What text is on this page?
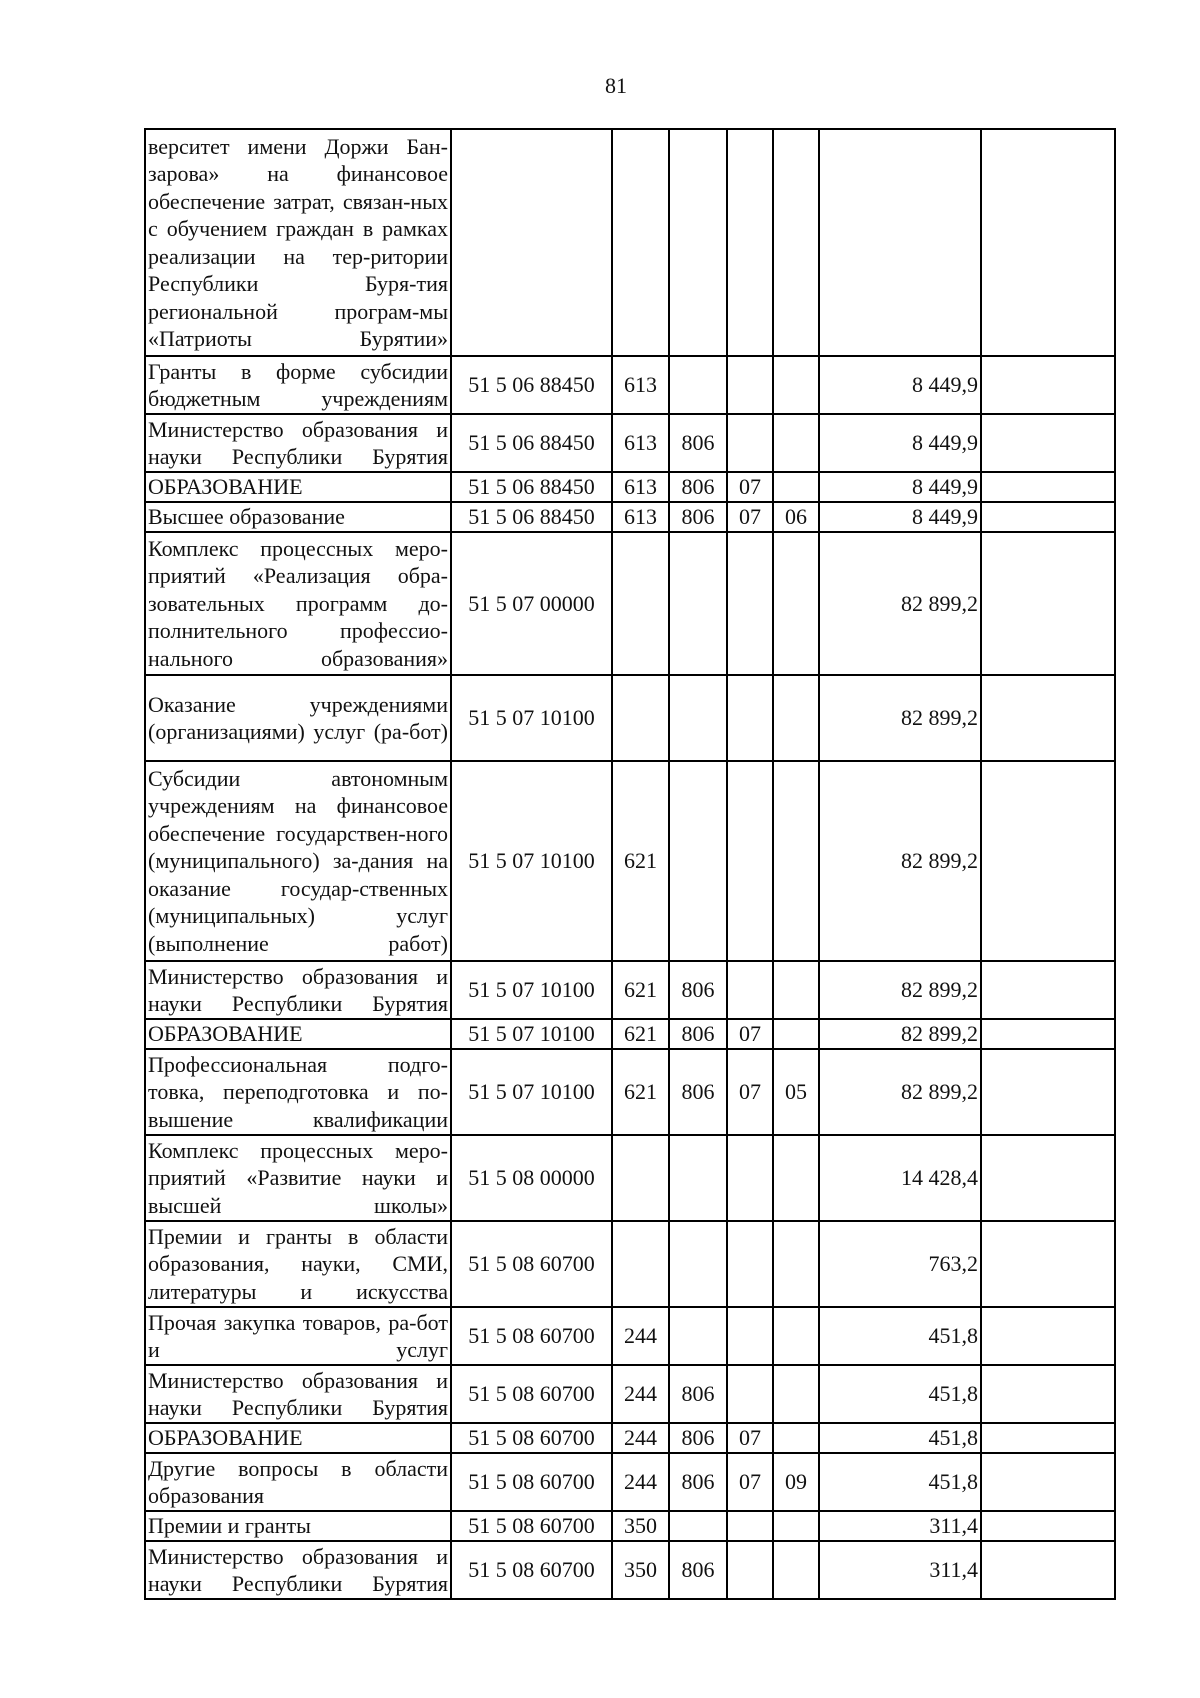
81
верситет имени Доржи Бан-зарова» на финансовое обеспечение затрат, связан-ных с обучением граждан в рамках реализации на тер-ритории Республики Буря-тия региональной програм-мы «Патриоты Бурятии»							
Гранты в форме субсидии бюджетным учреждениям	51 5 06 88450	613				8 449,9	
Министерство образования и науки Республики Бурятия	51 5 06 88450	613	806			8 449,9	
ОБРАЗОВАНИЕ	51 5 06 88450	613	806	07		8 449,9	
Высшее образование	51 5 06 88450	613	806	07	06	8 449,9	
Комплекс процессных меро-приятий «Реализация обра-зовательных программ до-полнительного профессио-нального образования»	51 5 07 00000					82 899,2	
Оказание учреждениями (организациями) услуг (ра-бот)	51 5 07 10100					82 899,2	
Субсидии автономным учреждениям на финансовое обеспечение государствен-ного (муниципального) за-дания на оказание государ-ственных (муниципальных) услуг (выполнение работ)	51 5 07 10100	621				82 899,2	
Министерство образования и науки Республики Бурятия	51 5 07 10100	621	806			82 899,2	
ОБРАЗОВАНИЕ	51 5 07 10100	621	806	07		82 899,2	
Профессиональная подго-товка, переподготовка и по-вышение квалификации	51 5 07 10100	621	806	07	05	82 899,2	
Комплекс процессных меро-приятий «Развитие науки и высшей школы»	51 5 08 00000					14 428,4	
Премии и гранты в области образования, науки, СМИ, литературы и искусства	51 5 08 60700					763,2	
Прочая закупка товаров, ра-бот и услуг	51 5 08 60700	244				451,8	
Министерство образования и науки Республики Бурятия	51 5 08 60700	244	806			451,8	
ОБРАЗОВАНИЕ	51 5 08 60700	244	806	07		451,8	
Другие вопросы в области образования	51 5 08 60700	244	806	07	09	451,8	
Премии и гранты	51 5 08 60700	350				311,4	
Министерство образования и науки Республики Бурятия	51 5 08 60700	350	806			311,4	
